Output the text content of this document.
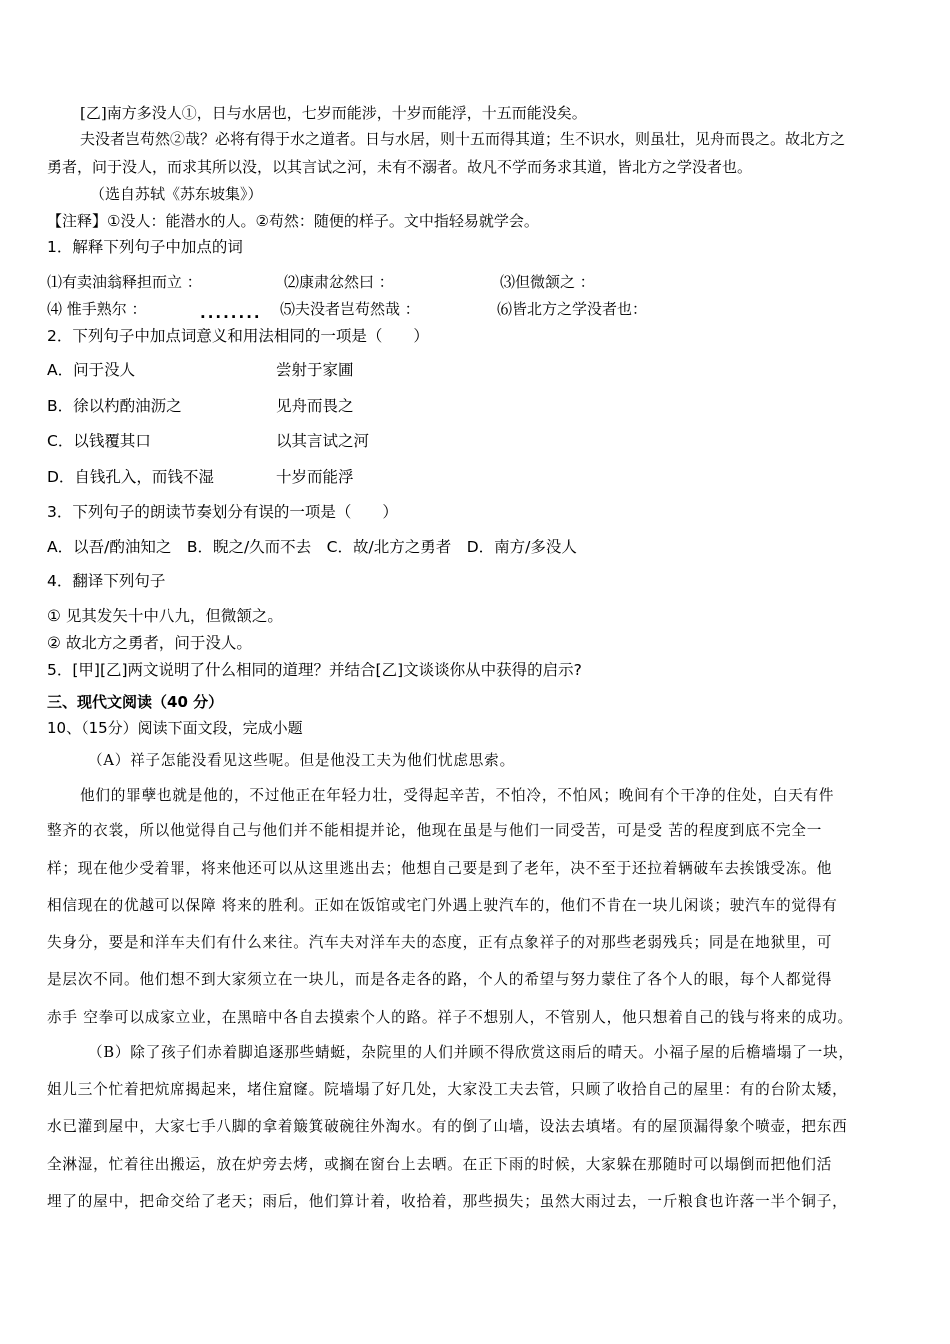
[乙]南方多没人①，日与水居也，七岁而能涉，十岁而能浮，十五而能没矣。
夫没者岂苟然②哉？必将有得于水之道者。日与水居，则十五而得其道；生不识水，则虽壮，见舟而畏之。故北方之
勇者，问于没人，而求其所以没，以其言试之河，未有不溺者。故凡不学而务求其道，皆北方之学没者也。
（选自苏轼《苏东坡集》）
【注释】①没人：能潜水的人。②苟然：随便的样子。文中指轻易就学会。
1．解释下列句子中加点的词
⑴有卖油翁释担而立 ：	⑵康肃忿然曰 ：	⑶但微颔之 ：
⑷ 惟手熟尔 ：	........ ⑸夫没者岂苟然哉 ：	⑹皆北方之学没者也：
2．下列句子中加点词意义和用法相同的一项是（　　）
A．问于没人	尝射于家圃
B．徐以杓酌油沥之	见舟而畏之
C．以钱覆其口	以其言试之河
D．自钱孔入，而钱不湿	十岁而能浮
3．下列句子的朗读节奏划分有误的一项是（　　）
A．以吾/酌油知之　B．睨之/久而不去　C．故/北方之勇者　D．南方/多没人
4．翻译下列句子
① 见其发矢十中八九，但微颔之。
② 故北方之勇者，问于没人。
5．[甲][乙]两文说明了什么相同的道理？并结合[乙]文谈谈你从中获得的启示?
三、现代文阅读（40 分）
10、（15分）阅读下面文段，完成小题
（A）祥子怎能没看见这些呢。但是他没工夫为他们忧虑思索。
他们的罪孽也就是他的，不过他正在年轻力壮，受得起辛苦，不怕冷，不怕风；晚间有个干净的住处，白天有件
整齐的衣裳，所以他觉得自己与他们并不能相提并论，他现在虽是与他们一同受苦，可是受 苦的程度到底不完全一
样；现在他少受着罪，将来他还可以从这里逃出去；他想自己要是到了老年，决不至于还拉着辆破车去挨饿受冻。他
相信现在的优越可以保障 将来的胜利。正如在饭馆或宅门外遇上驶汽车的，他们不肯在一块儿闲谈；驶汽车的觉得有
失身分，要是和洋车夫们有什么来往。汽车夫对洋车夫的态度，正有点象祥子的对那些老弱残兵；同是在地狱里，可
是层次不同。他们想不到大家须立在一块儿，而是各走各的路，个人的希望与努力蒙住了各个人的眼，每个人都觉得
赤手 空拳可以成家立业，在黑暗中各自去摸索个人的路。祥子不想别人，不管别人，他只想着自己的钱与将来的成功。
（B）除了孩子们赤着脚追逐那些蜻蜓，杂院里的人们并顾不得欣赏这雨后的晴天。小福子屋的后檐墙塌了一块，
姐儿三个忙着把炕席揭起来，堵住窟窿。院墙塌了好几处，大家没工夫去管，只顾了收拾自己的屋里：有的台阶太矮，
水已灌到屋中，大家七手八脚的拿着簸箕破碗往外淘水。有的倒了山墙，设法去填堵。有的屋顶漏得象个喷壶，把东西
全淋湿，忙着往出搬运，放在炉旁去烤，或搁在窗台上去晒。在正下雨的时候，大家躲在那随时可以塌倒而把他们活
埋了的屋中，把命交给了老天；雨后，他们算计着，收拾着，那些损失；虽然大雨过去，一斤粮食也许落一半个铜子，
